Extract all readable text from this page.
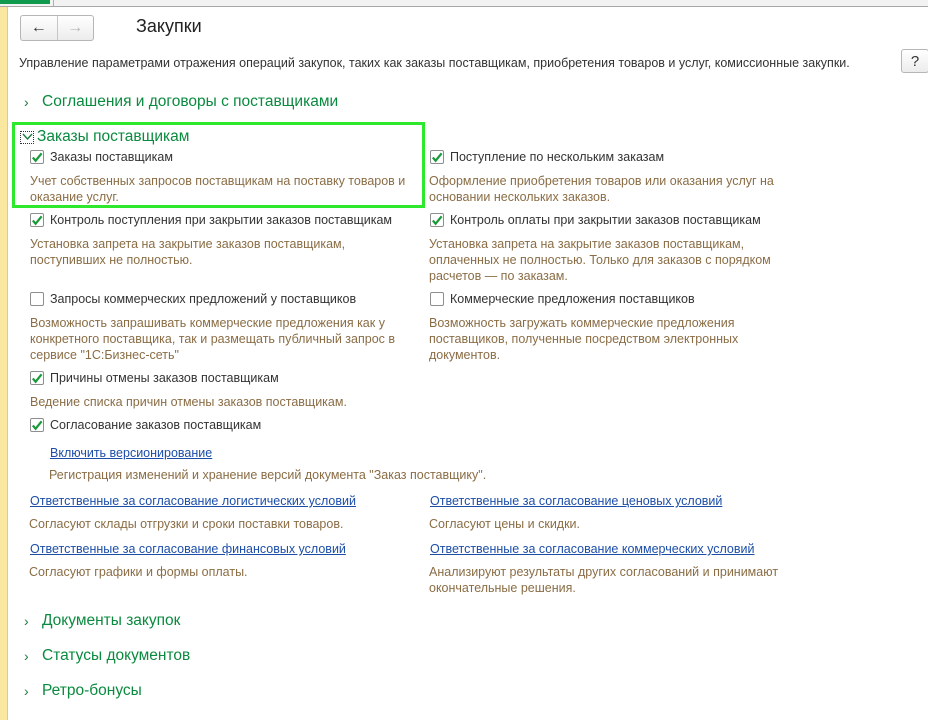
← →	Закупки
Управление параметрами отражения операций закупок, таких как заказы поставщикам, приобретения товаров и услуг, комиссионные закупки.	?
› Соглашения и договоры с поставщиками
Заказы поставщикам
Заказы поставщикам
Учет собственных запросов поставщикам на поставку товаров и
оказание услуг.
Поступление по нескольким заказам
Оформление приобретения товаров или оказания услуг на
основании нескольких заказов.
Контроль поступления при закрытии заказов поставщикам
Установка запрета на закрытие заказов поставщикам,
поступивших не полностью.
Контроль оплаты при закрытии заказов поставщикам
Установка запрета на закрытие заказов поставщикам,
оплаченных не полностью. Только для заказов с порядком
расчетов — по заказам.
Запросы коммерческих предложений у поставщиков
Возможность запрашивать коммерческие предложения как у
конкретного поставщика, так и размещать публичный запрос в
сервисе "1С:Бизнес-сеть"
Коммерческие предложения поставщиков
Возможность загружать коммерческие предложения
поставщиков, полученные посредством электронных
документов.
Причины отмены заказов поставщикам
Ведение списка причин отмены заказов поставщикам.
Согласование заказов поставщикам
Включить версионирование
Регистрация изменений и хранение версий документа "Заказ поставщику".
Ответственные за согласование логистических условий
Согласуют склады отгрузки и сроки поставки товаров.
Ответственные за согласование ценовых условий
Согласуют цены и скидки.
Ответственные за согласование финансовых условий
Согласуют графики и формы оплаты.
Ответственные за согласование коммерческих условий
Анализируют результаты других согласований и принимают
окончательные решения.
› Документы закупок
› Статусы документов
› Ретро-бонусы
